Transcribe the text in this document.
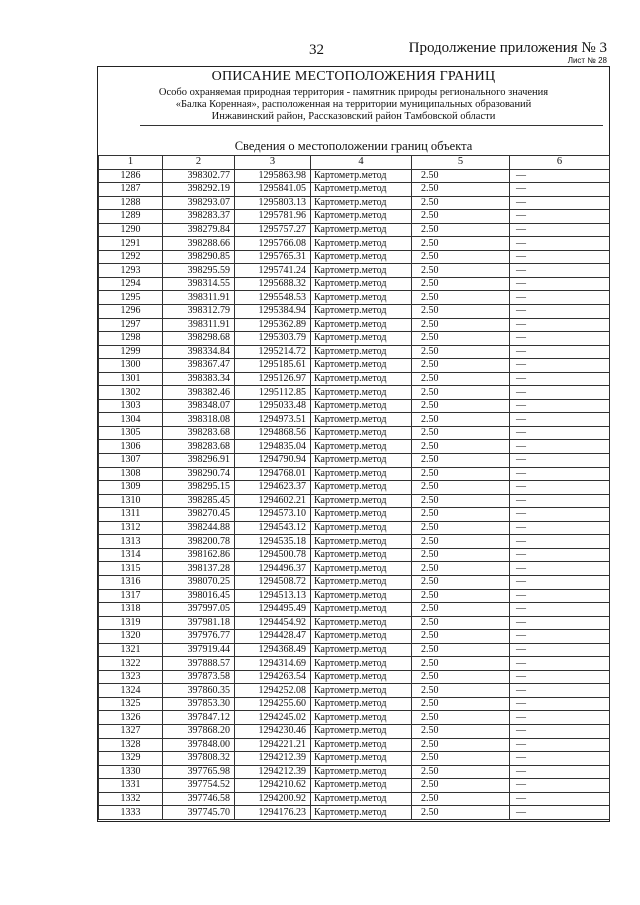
32	Продолжение приложения № 3
Лист № 28
ОПИСАНИЕ МЕСТОПОЛОЖЕНИЯ ГРАНИЦ
Особо охраняемая природная территория - памятник природы регионального значения
«Балка Коренная», расположенная на территории муниципальных образований
Инжавинский район, Рассказовский район Тамбовской области
Сведения о местоположении границ объекта
1	2	3	4	5	6
1286	398302.77	1295863.98	Картометр.метод	2.50	—
1287	398292.19	1295841.05	Картометр.метод	2.50	—
1288	398293.07	1295803.13	Картометр.метод	2.50	—
1289	398283.37	1295781.96	Картометр.метод	2.50	—
1290	398279.84	1295757.27	Картометр.метод	2.50	—
1291	398288.66	1295766.08	Картометр.метод	2.50	—
1292	398290.85	1295765.31	Картометр.метод	2.50	—
1293	398295.59	1295741.24	Картометр.метод	2.50	—
1294	398314.55	1295688.32	Картометр.метод	2.50	—
1295	398311.91	1295548.53	Картометр.метод	2.50	—
1296	398312.79	1295384.94	Картометр.метод	2.50	—
1297	398311.91	1295362.89	Картометр.метод	2.50	—
1298	398298.68	1295303.79	Картометр.метод	2.50	—
1299	398334.84	1295214.72	Картометр.метод	2.50	—
1300	398367.47	1295185.61	Картометр.метод	2.50	—
1301	398383.34	1295126.97	Картометр.метод	2.50	—
1302	398382.46	1295112.85	Картометр.метод	2.50	—
1303	398348.07	1295033.48	Картометр.метод	2.50	—
1304	398318.08	1294973.51	Картометр.метод	2.50	—
1305	398283.68	1294868.56	Картометр.метод	2.50	—
1306	398283.68	1294835.04	Картометр.метод	2.50	—
1307	398296.91	1294790.94	Картометр.метод	2.50	—
1308	398290.74	1294768.01	Картометр.метод	2.50	—
1309	398295.15	1294623.37	Картометр.метод	2.50	—
1310	398285.45	1294602.21	Картометр.метод	2.50	—
1311	398270.45	1294573.10	Картометр.метод	2.50	—
1312	398244.88	1294543.12	Картометр.метод	2.50	—
1313	398200.78	1294535.18	Картометр.метод	2.50	—
1314	398162.86	1294500.78	Картометр.метод	2.50	—
1315	398137.28	1294496.37	Картометр.метод	2.50	—
1316	398070.25	1294508.72	Картометр.метод	2.50	—
1317	398016.45	1294513.13	Картометр.метод	2.50	—
1318	397997.05	1294495.49	Картометр.метод	2.50	—
1319	397981.18	1294454.92	Картометр.метод	2.50	—
1320	397976.77	1294428.47	Картометр.метод	2.50	—
1321	397919.44	1294368.49	Картометр.метод	2.50	—
1322	397888.57	1294314.69	Картометр.метод	2.50	—
1323	397873.58	1294263.54	Картометр.метод	2.50	—
1324	397860.35	1294252.08	Картометр.метод	2.50	—
1325	397853.30	1294255.60	Картометр.метод	2.50	—
1326	397847.12	1294245.02	Картометр.метод	2.50	—
1327	397868.20	1294230.46	Картометр.метод	2.50	—
1328	397848.00	1294221.21	Картометр.метод	2.50	—
1329	397808.32	1294212.39	Картометр.метод	2.50	—
1330	397765.98	1294212.39	Картометр.метод	2.50	—
1331	397754.52	1294210.62	Картометр.метод	2.50	—
1332	397746.58	1294200.92	Картометр.метод	2.50	—
1333	397745.70	1294176.23	Картометр.метод	2.50	—
